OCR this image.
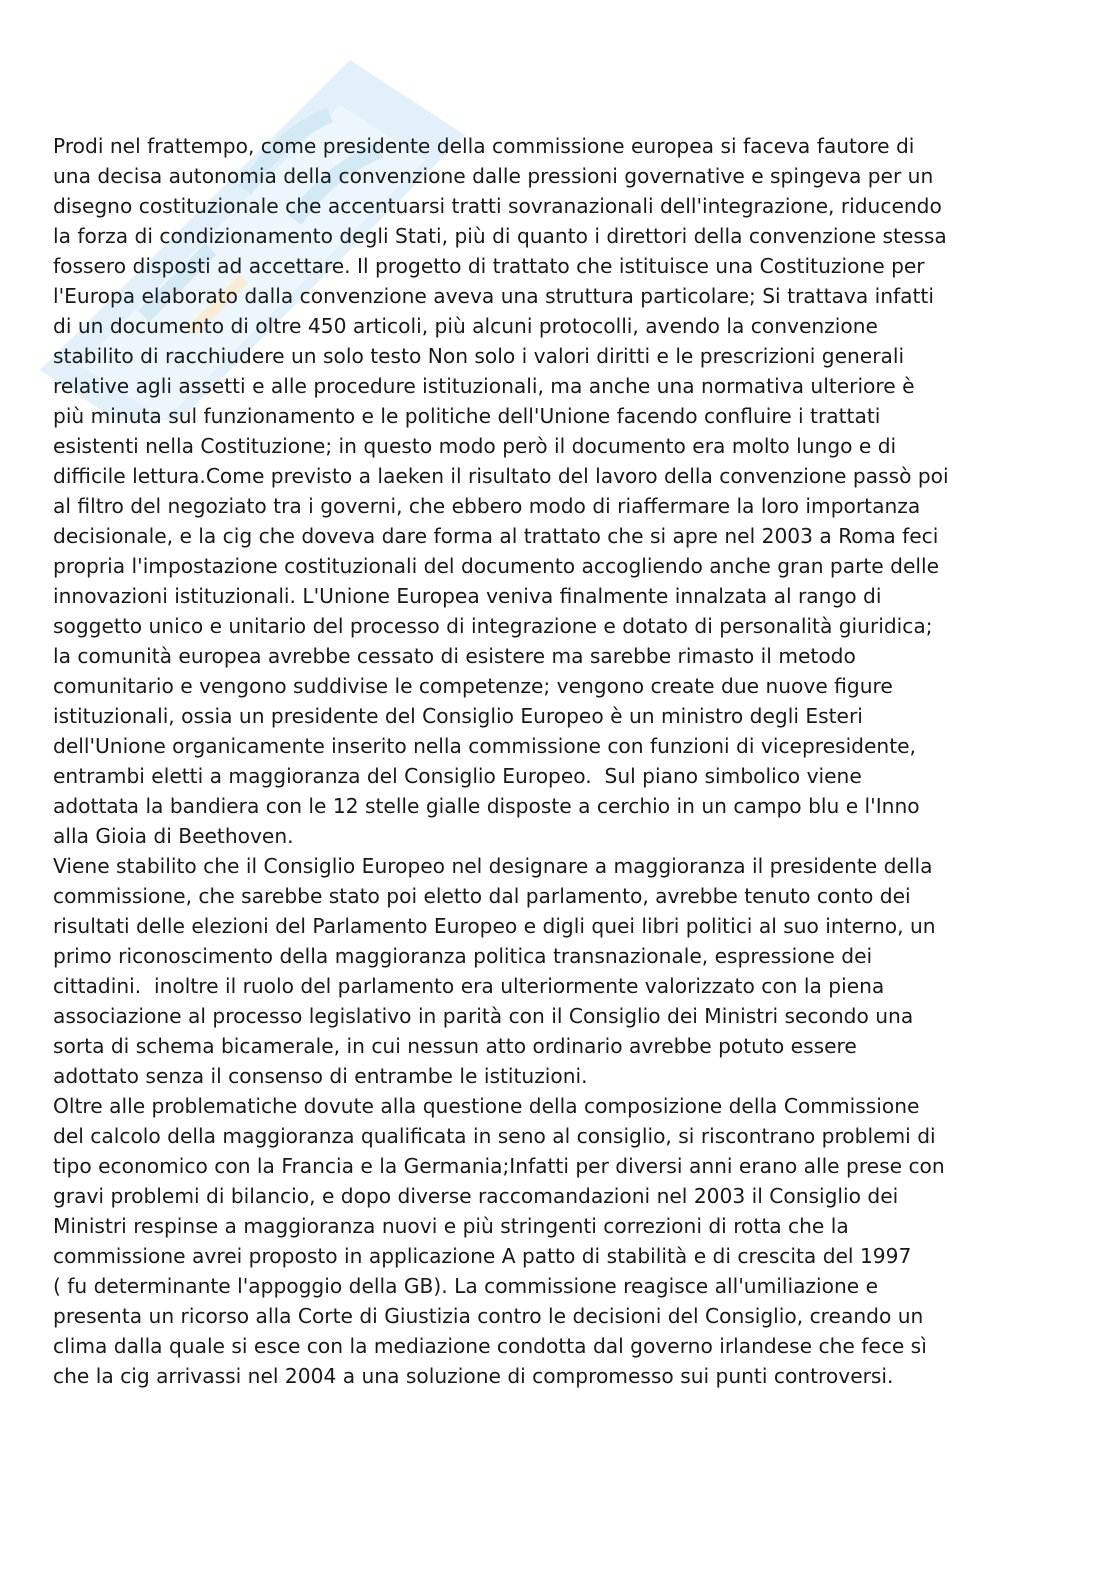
Prodi nel frattempo, come presidente della commissione europea si faceva fautore di
una decisa autonomia della convenzione dalle pressioni governative e spingeva per un
disegno costituzionale che accentuarsi tratti sovranazionali dell'integrazione, riducendo
la forza di condizionamento degli Stati, più di quanto i direttori della convenzione stessa
fossero disposti ad accettare. Il progetto di trattato che istituisce una Costituzione per
l'Europa elaborato dalla convenzione aveva una struttura particolare; Si trattava infatti
di un documento di oltre 450 articoli, più alcuni protocolli, avendo la convenzione
stabilito di racchiudere un solo testo Non solo i valori diritti e le prescrizioni generali
relative agli assetti e alle procedure istituzionali, ma anche una normativa ulteriore è
più minuta sul funzionamento e le politiche dell'Unione facendo confluire i trattati
esistenti nella Costituzione; in questo modo però il documento era molto lungo e di
difficile lettura.Come previsto a laeken il risultato del lavoro della convenzione passò poi
al filtro del negoziato tra i governi, che ebbero modo di riaffermare la loro importanza
decisionale, e la cig che doveva dare forma al trattato che si apre nel 2003 a Roma feci
propria l'impostazione costituzionali del documento accogliendo anche gran parte delle
innovazioni istituzionali. L'Unione Europea veniva finalmente innalzata al rango di
soggetto unico e unitario del processo di integrazione e dotato di personalità giuridica;
la comunità europea avrebbe cessato di esistere ma sarebbe rimasto il metodo
comunitario e vengono suddivise le competenze; vengono create due nuove figure
istituzionali, ossia un presidente del Consiglio Europeo è un ministro degli Esteri
dell'Unione organicamente inserito nella commissione con funzioni di vicepresidente,
entrambi eletti a maggioranza del Consiglio Europeo.  Sul piano simbolico viene
adottata la bandiera con le 12 stelle gialle disposte a cerchio in un campo blu e l'Inno
alla Gioia di Beethoven.
Viene stabilito che il Consiglio Europeo nel designare a maggioranza il presidente della
commissione, che sarebbe stato poi eletto dal parlamento, avrebbe tenuto conto dei
risultati delle elezioni del Parlamento Europeo e digli quei libri politici al suo interno, un
primo riconoscimento della maggioranza politica transnazionale, espressione dei
cittadini.  inoltre il ruolo del parlamento era ulteriormente valorizzato con la piena
associazione al processo legislativo in parità con il Consiglio dei Ministri secondo una
sorta di schema bicamerale, in cui nessun atto ordinario avrebbe potuto essere
adottato senza il consenso di entrambe le istituzioni.
Oltre alle problematiche dovute alla questione della composizione della Commissione
del calcolo della maggioranza qualificata in seno al consiglio, si riscontrano problemi di
tipo economico con la Francia e la Germania;Infatti per diversi anni erano alle prese con
gravi problemi di bilancio, e dopo diverse raccomandazioni nel 2003 il Consiglio dei
Ministri respinse a maggioranza nuovi e più stringenti correzioni di rotta che la
commissione avrei proposto in applicazione A patto di stabilità e di crescita del 1997
( fu determinante l'appoggio della GB). La commissione reagisce all'umiliazione e
presenta un ricorso alla Corte di Giustizia contro le decisioni del Consiglio, creando un
clima dalla quale si esce con la mediazione condotta dal governo irlandese che fece sì
che la cig arrivassi nel 2004 a una soluzione di compromesso sui punti controversi.
